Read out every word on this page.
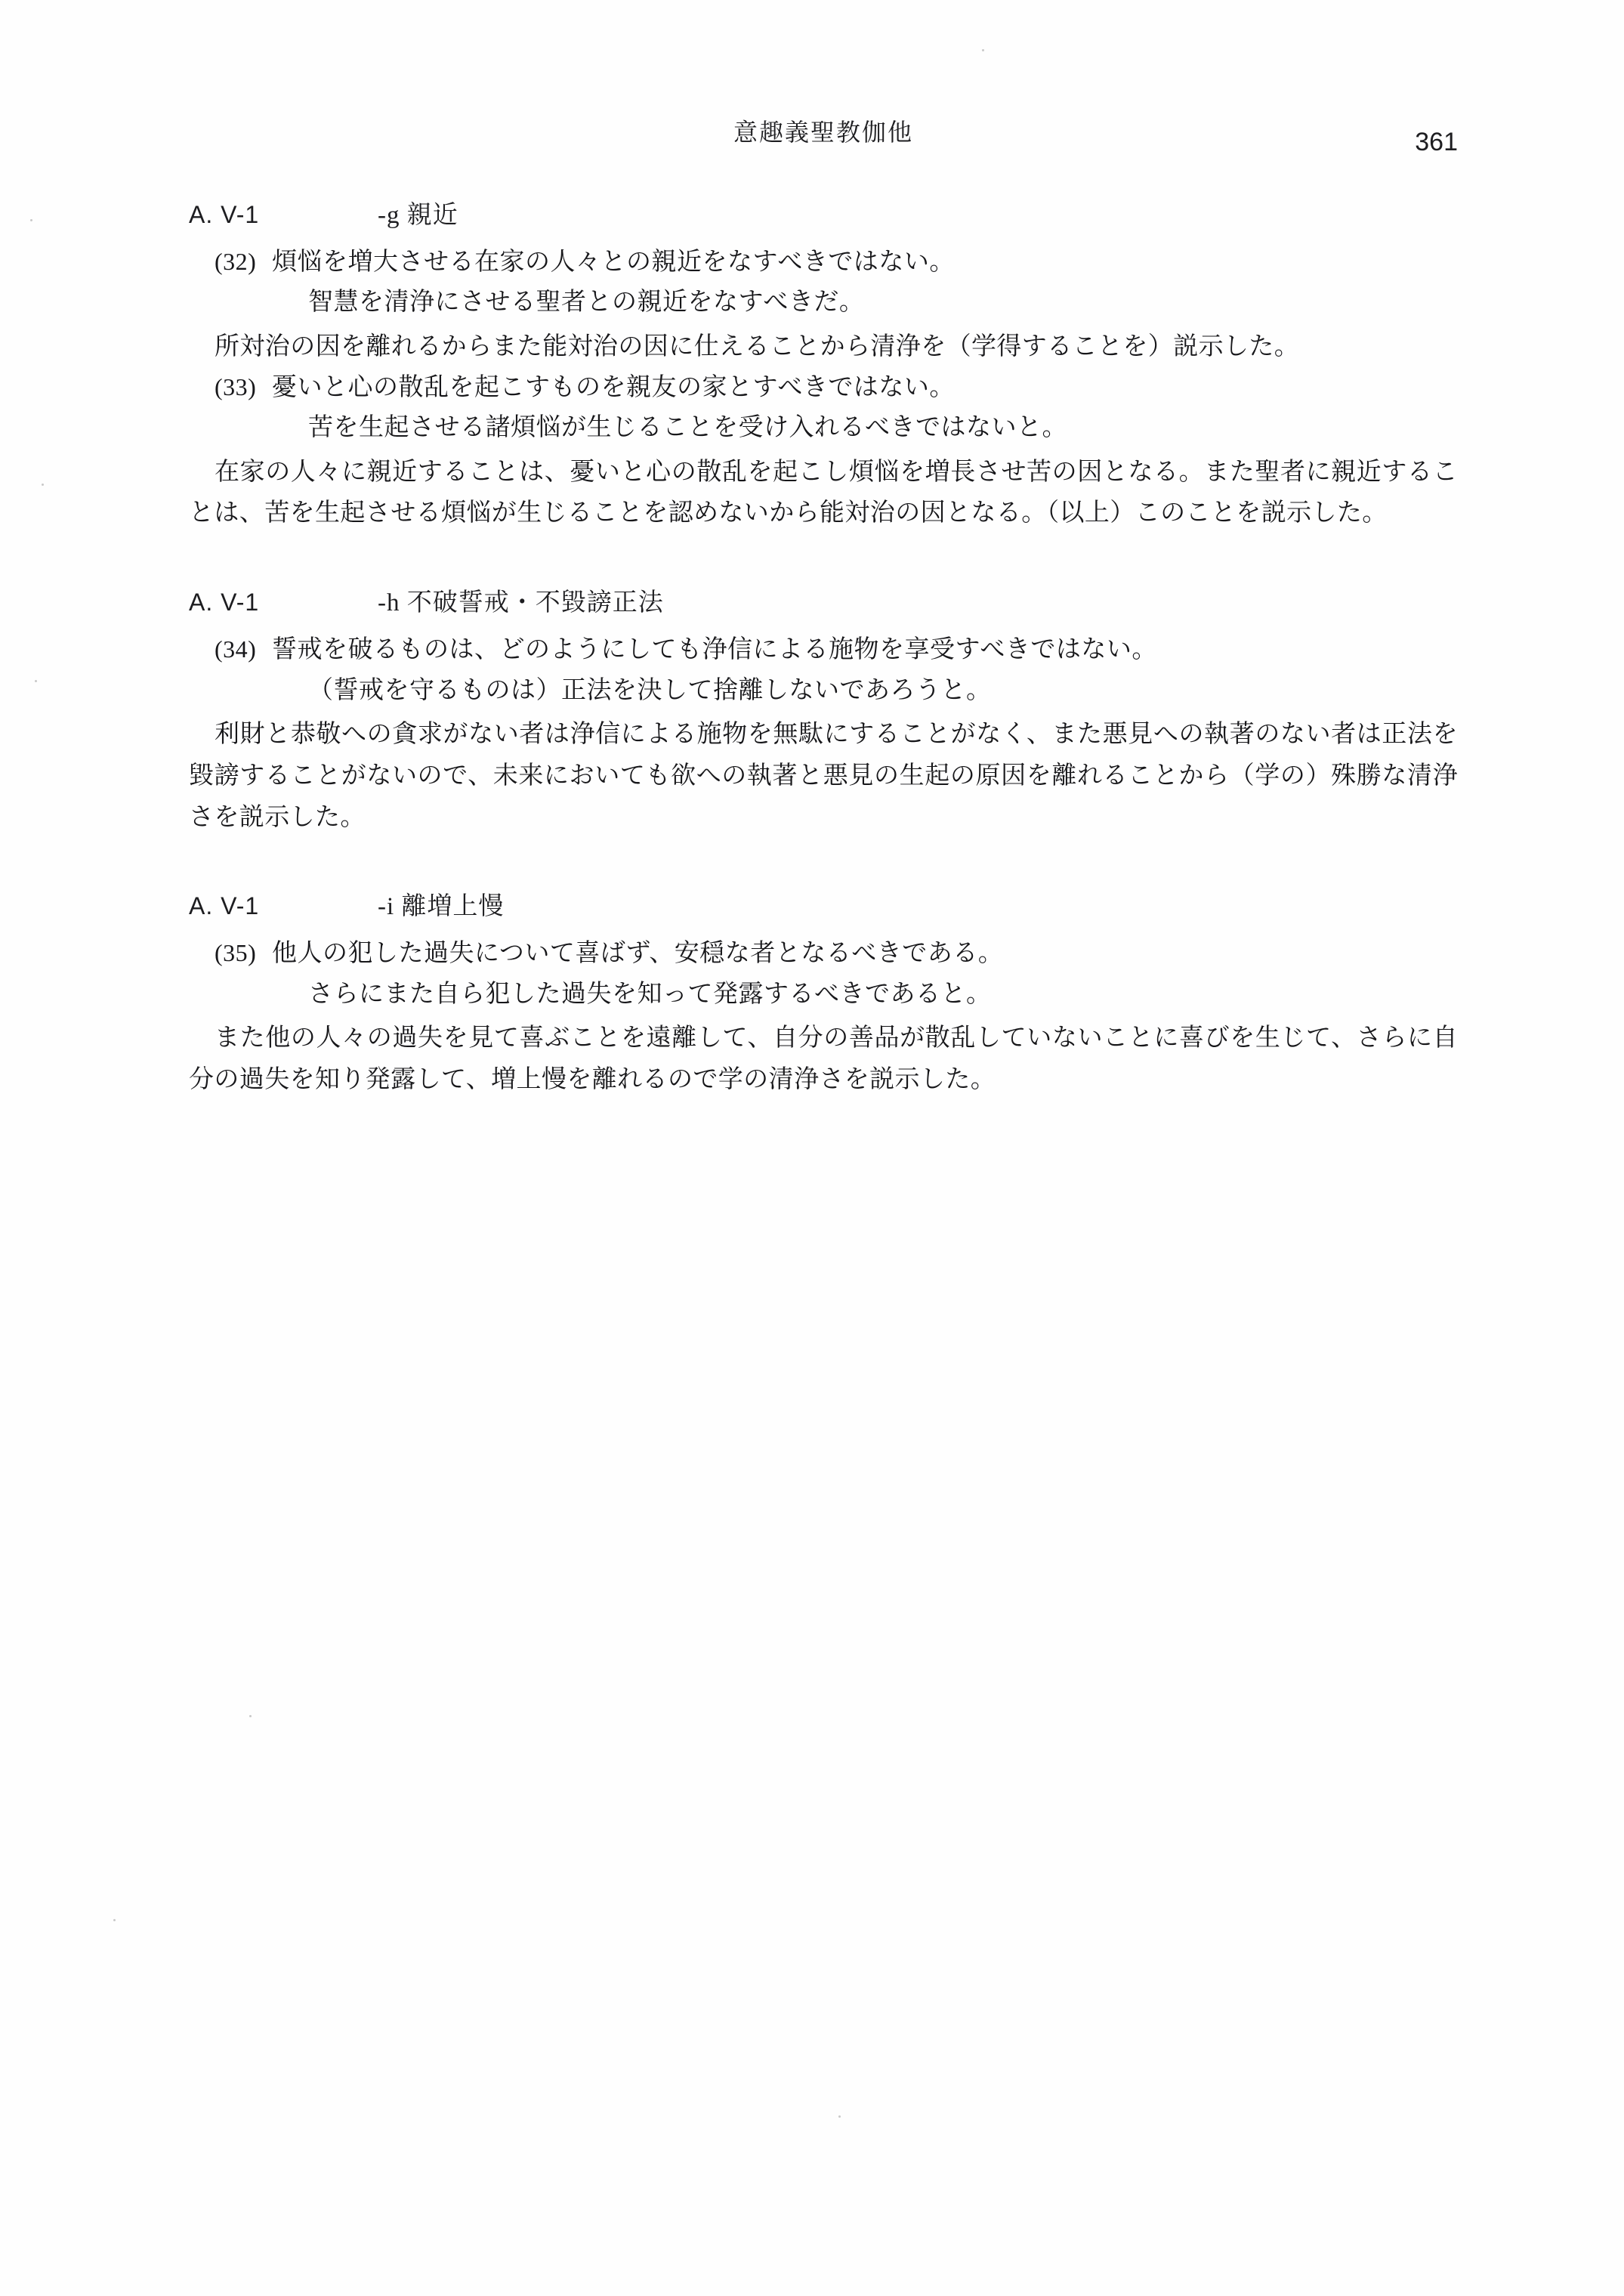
意趣義聖教伽他	361
A. V-1	-g 親近
(32) 煩悩を増大させる在家の人々との親近をなすべきではない。
智慧を清浄にさせる聖者との親近をなすべきだ。

所対治の因を離れるからまた能対治の因に仕えることから清浄を（学得することを）説示した。

(33) 憂いと心の散乱を起こすものを親友の家とすべきではない。
苦を生起させる諸煩悩が生じることを受け入れるべきではないと。

在家の人々に親近することは、憂いと心の散乱を起こし煩悩を増長させ苦の因となる。また聖者に親近することは、苦を生起させる煩悩が生じることを認めないから能対治の因となる。（以上）このことを説示した。

A. V-1	-h 不破誓戒・不毀謗正法
(34) 誓戒を破るものは、どのようにしても浄信による施物を享受すべきではない。
（誓戒を守るものは）正法を決して捨離しないであろうと。

利財と恭敬への貪求がない者は浄信による施物を無駄にすることがなく、また悪見への執著のない者は正法を毀謗することがないので、未来においても欲への執著と悪見の生起の原因を離れることから（学の）殊勝な清浄さを説示した。

A. V-1	-i 離増上慢
(35) 他人の犯した過失について喜ばず、安穏な者となるべきである。
さらにまた自ら犯した過失を知って発露するべきであると。

また他の人々の過失を見て喜ぶことを遠離して、自分の善品が散乱していないことに喜びを生じて、さらに自分の過失を知り発露して、増上慢を離れるので学の清浄さを説示した。
